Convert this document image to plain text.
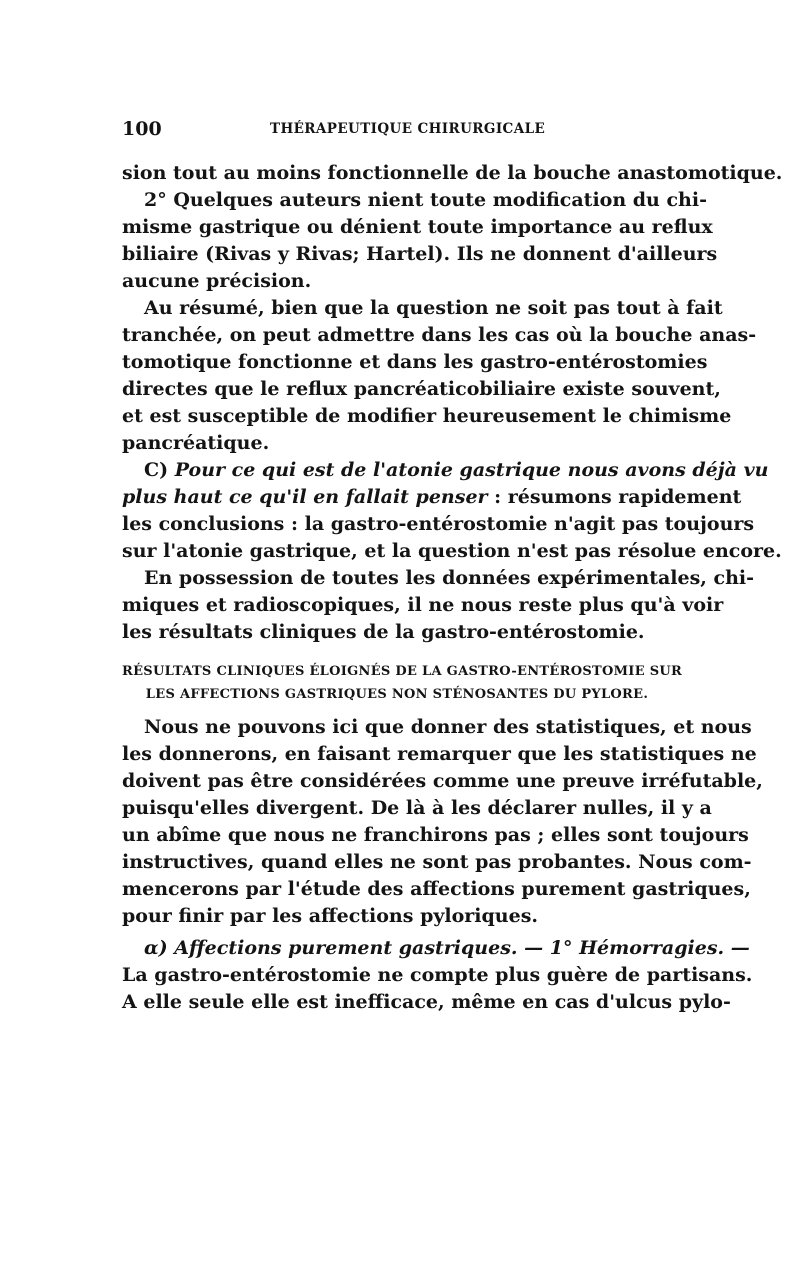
100	THÉRAPEUTIQUE CHIRURGICALE
sion tout au moins fonctionnelle de la bouche anastomotique.
2° Quelques auteurs nient toute modification du chi-
misme gastrique ou dénient toute importance au reflux
biliaire (Rivas y Rivas; Hartel). Ils ne donnent d'ailleurs
aucune précision.
Au résumé, bien que la question ne soit pas tout à fait
tranchée, on peut admettre dans les cas où la bouche anas-
tomotique fonctionne et dans les gastro-entérostomies
directes que le reflux pancréaticobiliaire existe souvent,
et est susceptible de modifier heureusement le chimisme
pancréatique.
C) Pour ce qui est de l'atonie gastrique nous avons déjà vu
plus haut ce qu'il en fallait penser : résumons rapidement
les conclusions : la gastro-entérostomie n'agit pas toujours
sur l'atonie gastrique, et la question n'est pas résolue encore.
En possession de toutes les données expérimentales, chi-
miques et radioscopiques, il ne nous reste plus qu'à voir
les résultats cliniques de la gastro-entérostomie.
RÉSULTATS CLINIQUES ÉLOIGNÉS DE LA GASTRO-ENTÉROSTOMIE SUR
LES AFFECTIONS GASTRIQUES NON STÉNOSANTES DU PYLORE.
Nous ne pouvons ici que donner des statistiques, et nous
les donnerons, en faisant remarquer que les statistiques ne
doivent pas être considérées comme une preuve irréfutable,
puisqu'elles divergent. De là à les déclarer nulles, il y a
un abîme que nous ne franchirons pas ; elles sont toujours
instructives, quand elles ne sont pas probantes. Nous com-
mencerons par l'étude des affections purement gastriques,
pour finir par les affections pyloriques.
α) Affections purement gastriques. — 1° Hémorragies. —
La gastro-entérostomie ne compte plus guère de partisans.
A elle seule elle est inefficace, même en cas d'ulcus pylo-
